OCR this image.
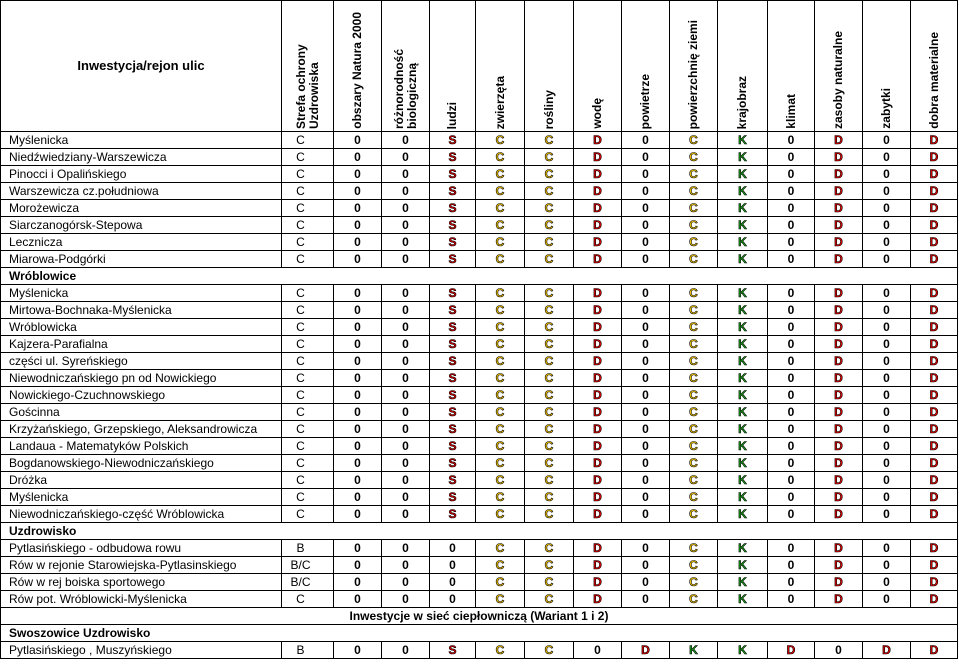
Inwestycja/rejon ulic	Strefa ochrony Uzdrowiska	obszary Natura 2000	różnorodność biologiczną	ludzi	zwierzęta	rośliny	wodę	powietrze	powierzchnię ziemi	krajobraz	klimat	zasoby naturalne	zabytki	dobra materialne

Myślenicka	C	0	0	S	C	C	D	0	C	K	0	D	0	D
Niedźwiedziany-Warszewicza	C	0	0	S	C	C	D	0	C	K	0	D	0	D
Pinocci i Opalińskiego	C	0	0	S	C	C	D	0	C	K	0	D	0	D
Warszewicza cz.południowa	C	0	0	S	C	C	D	0	C	K	0	D	0	D
Morożewicza	C	0	0	S	C	C	D	0	C	K	0	D	0	D
Siarczanogórsk-Stepowa	C	0	0	S	C	C	D	0	C	K	0	D	0	D
Lecznicza	C	0	0	S	C	C	D	0	C	K	0	D	0	D
Miarowa-Podgórki	C	0	0	S	C	C	D	0	C	K	0	D	0	D
Wróblowice														
Myślenicka	C	0	0	S	C	C	D	0	C	K	0	D	0	D
Mirtowa-Bochnaka-Myślenicka	C	0	0	S	C	C	D	0	C	K	0	D	0	D
Wróblowicka	C	0	0	S	C	C	D	0	C	K	0	D	0	D
Kajzera-Parafialna	C	0	0	S	C	C	D	0	C	K	0	D	0	D
części ul. Syreńskiego	C	0	0	S	C	C	D	0	C	K	0	D	0	D
Niewodniczańskiego pn od Nowickiego	C	0	0	S	C	C	D	0	C	K	0	D	0	D
Nowickiego-Czuchnowskiego	C	0	0	S	C	C	D	0	C	K	0	D	0	D
Gościnna	C	0	0	S	C	C	D	0	C	K	0	D	0	D
Krzyżańskiego, Grzepskiego, Aleksandrowicza	C	0	0	S	C	C	D	0	C	K	0	D	0	D
Landaua - Matematyków Polskich	C	0	0	S	C	C	D	0	C	K	0	D	0	D
Bogdanowskiego-Niewodniczańskiego	C	0	0	S	C	C	D	0	C	K	0	D	0	D
Dróżka	C	0	0	S	C	C	D	0	C	K	0	D	0	D
Myślenicka	C	0	0	S	C	C	D	0	C	K	0	D	0	D
Niewodniczańskiego-część Wróblowicka	C	0	0	S	C	C	D	0	C	K	0	D	0	D
Uzdrowisko														
Pytlasińskiego - odbudowa rowu	B	0	0	0	C	C	D	0	C	K	0	D	0	D
Rów w rejonie Starowiejska-Pytlasinskiego	B/C	0	0	0	C	C	D	0	C	K	0	D	0	D
Rów w rej boiska sportowego	B/C	0	0	0	C	C	D	0	C	K	0	D	0	D
Rów pot. Wróblowicki-Myślenicka	C	0	0	0	C	C	D	0	C	K	0	D	0	D
Inwestycje w sieć ciepłowniczą (Wariant 1 i 2)														
Swoszowice Uzdrowisko														
Pytlasińskiego , Muszyńskiego	B	0	0	S	C	C	0	D	K	K	D	0	D	D
